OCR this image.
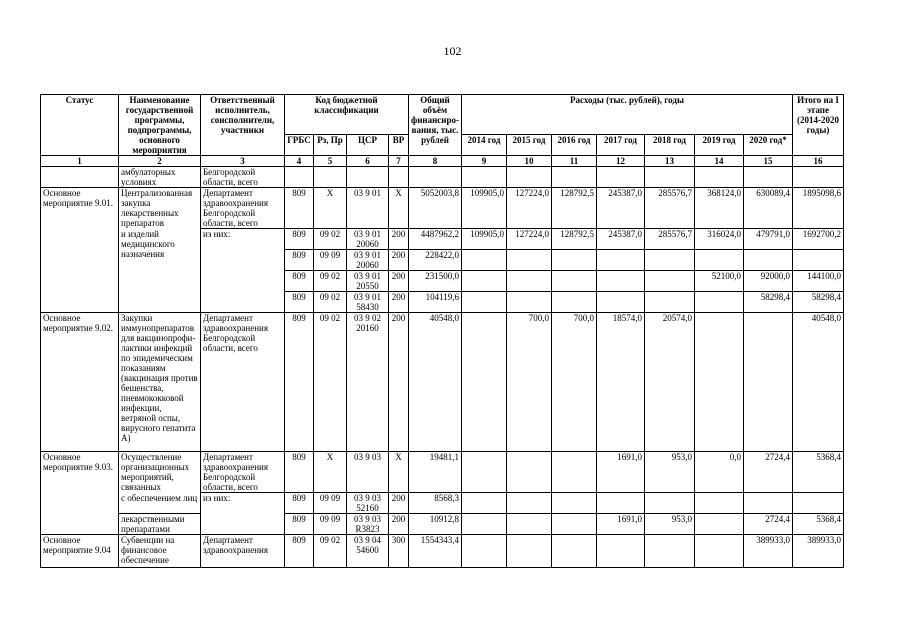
102
Статус	Наименование государственной программы, подпрограммы, основного мероприятия	Ответственный исполнитель, соисполнители, участники	Код бюджетной классификации				Общий объём финансиро-вания, тыс. рублей	Расходы (тыс. рублей), годы							Итого на I этапе (2014-2020 годы)
			ГРБС	Рз, Пр	ЦСР	ВР		2014 год	2015 год	2016 год	2017 год	2018 год	2019 год	2020 год*	
1	2	3	4	5	6	7	8	9	10	11	12	13	14	15	16
	амбулаторных условиях	Белгородской области, всего													
Основное мероприятие 9.01.	Централизованная закупка лекарственных препаратов	Департамент здравоохранения Белгородской области, всего	809	Х	03 9 01	Х	5052003,8	109905,0	127224,0	128792,5	245387,0	285576,7	368124,0	630089,4	1895098,6
	и изделий медицинского назначения	из них:	809	09 02	03 9 01 20060	200	4487962,2	109905,0	127224,0	128792,5	245387,0	285576,7	316024,0	479791,0	1692700,2
			809	09 09	03 9 01 20060	200	228422,0								
			809	09 02	03 9 01 20550	200	231500,0						52100,0	92000,0	144100,0
			809	09 02	03 9 01 58430	200	104119,6							58298,4	58298,4
Основное мероприятие 9.02.	Закупки иммунопрепаратов для вакцинопрофи-лактики инфекций по эпидемическим показаниям (вакцинация против бешенства, пневмококковой инфекции, ветряной оспы, вирусного гепатита А)	Департамент здравоохранения Белгородской области, всего	809	09 02	03 9 02 20160	200	40548,0		700,0	700,0	18574,0	20574,0			40548,0
Основное мероприятие 9.03.	Осуществление организационных мероприятий, связанных	Департамент здравоохранения Белгородской области, всего	809	Х	03 9 03	Х	19481,1				1691,0	953,0	0,0	2724,4	5368,4
	с обеспечением лиц	из них:	809	09 09	03 9 03 52160	200	8568,3								
	лекарственными препаратами		809	09 09	03 9 03 R3823	200	10912,8				1691,0	953,0		2724,4	5368,4
Основное мероприятие 9.04	Субвенции на финансовое обеспечение	Департамент здравоохранения	809	09 02	03 9 04 54600	300	1554343,4							389933,0	389933,0
